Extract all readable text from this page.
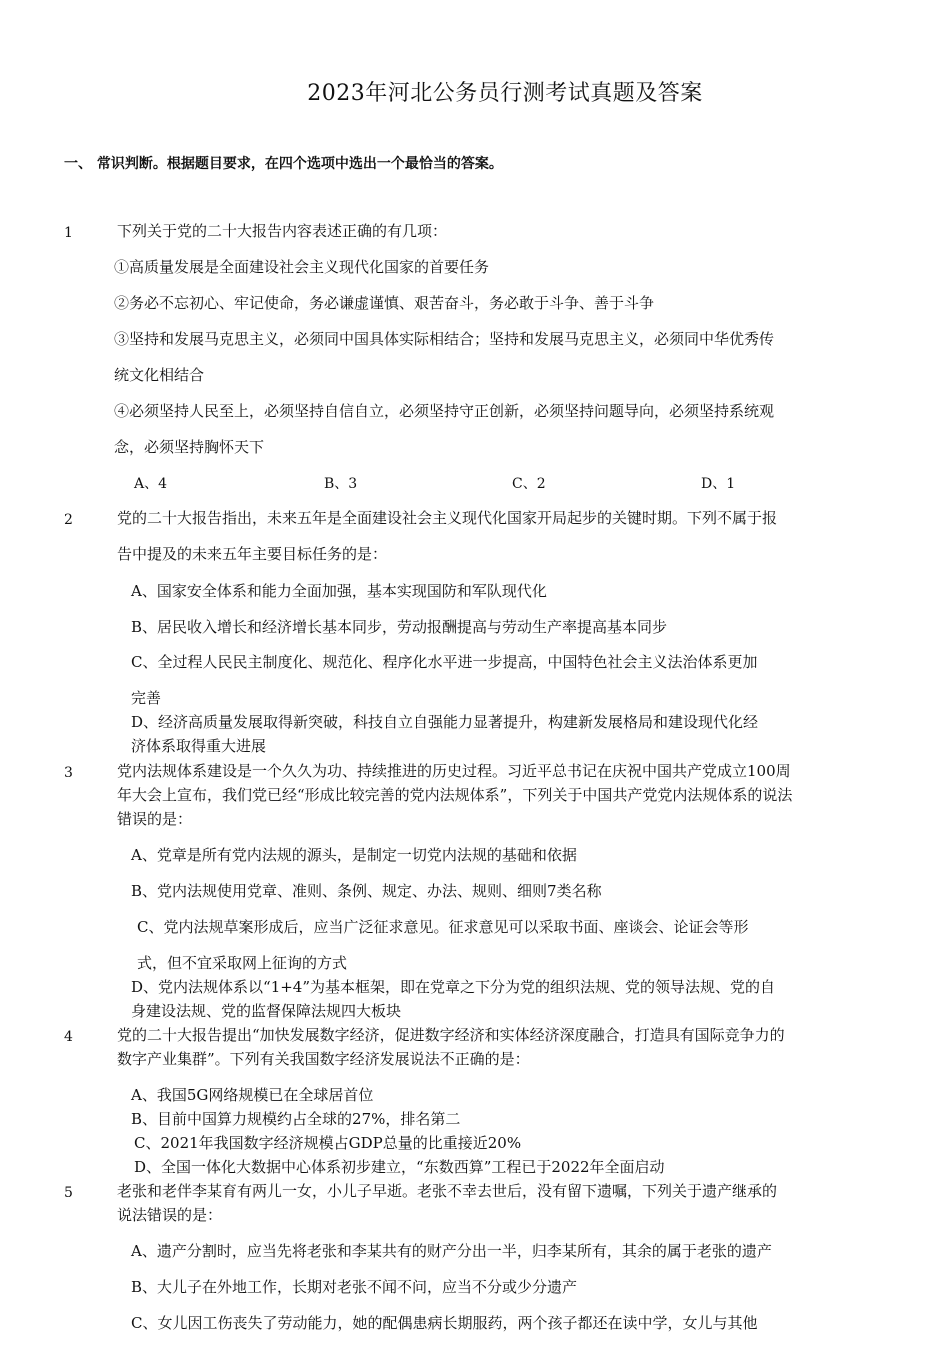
2023年河北公务员行测考试真题及答案
一、 常识判断。根据题目要求，在四个选项中选出一个最恰当的答案。
1	下列关于党的二十大报告内容表述正确的有几项：
①高质量发展是全面建设社会主义现代化国家的首要任务
②务必不忘初心、牢记使命，务必谦虚谨慎、艰苦奋斗，务必敢于斗争、善于斗争
③坚持和发展马克思主义，必须同中国具体实际相结合；坚持和发展马克思主义，必须同中华优秀传
统文化相结合
④必须坚持人民至上，必须坚持自信自立，必须坚持守正创新，必须坚持问题导向，必须坚持系统观
念，必须坚持胸怀天下
A、4	B、3	C、2	D、1
2	党的二十大报告指出，未来五年是全面建设社会主义现代化国家开局起步的关键时期。下列不属于报
告中提及的未来五年主要目标任务的是：
A、国家安全体系和能力全面加强，基本实现国防和军队现代化
B、居民收入增长和经济增长基本同步，劳动报酬提高与劳动生产率提高基本同步
C、全过程人民民主制度化、规范化、程序化水平进一步提高，中国特色社会主义法治体系更加
完善
D、经济高质量发展取得新突破，科技自立自强能力显著提升，构建新发展格局和建设现代化经
济体系取得重大进展
3	党内法规体系建设是一个久久为功、持续推进的历史过程。习近平总书记在庆祝中国共产党成立100周
年大会上宣布，我们党已经“形成比较完善的党内法规体系”，下列关于中国共产党党内法规体系的说法
错误的是：
A、党章是所有党内法规的源头，是制定一切党内法规的基础和依据
B、党内法规使用党章、准则、条例、规定、办法、规则、细则7类名称
C、党内法规草案形成后，应当广泛征求意见。征求意见可以采取书面、座谈会、论证会等形
式，但不宜采取网上征询的方式
D、党内法规体系以“1+4”为基本框架，即在党章之下分为党的组织法规、党的领导法规、党的自
身建设法规、党的监督保障法规四大板块
4	党的二十大报告提出“加快发展数字经济，促进数字经济和实体经济深度融合，打造具有国际竞争力的
数字产业集群”。下列有关我国数字经济发展说法不正确的是：
A、我国5G网络规模已在全球居首位
B、目前中国算力规模约占全球的27%，排名第二
C、2021年我国数字经济规模占GDP总量的比重接近20%
D、全国一体化大数据中心体系初步建立，“东数西算”工程已于2022年全面启动
5	老张和老伴李某育有两儿一女，小儿子早逝。老张不幸去世后，没有留下遗嘱，下列关于遗产继承的
说法错误的是：
A、遗产分割时，应当先将老张和李某共有的财产分出一半，归李某所有，其余的属于老张的遗产
B、大儿子在外地工作，长期对老张不闻不问，应当不分或少分遗产
C、女儿因工伤丧失了劳动能力，她的配偶患病长期服药，两个孩子都还在读中学，女儿与其他
